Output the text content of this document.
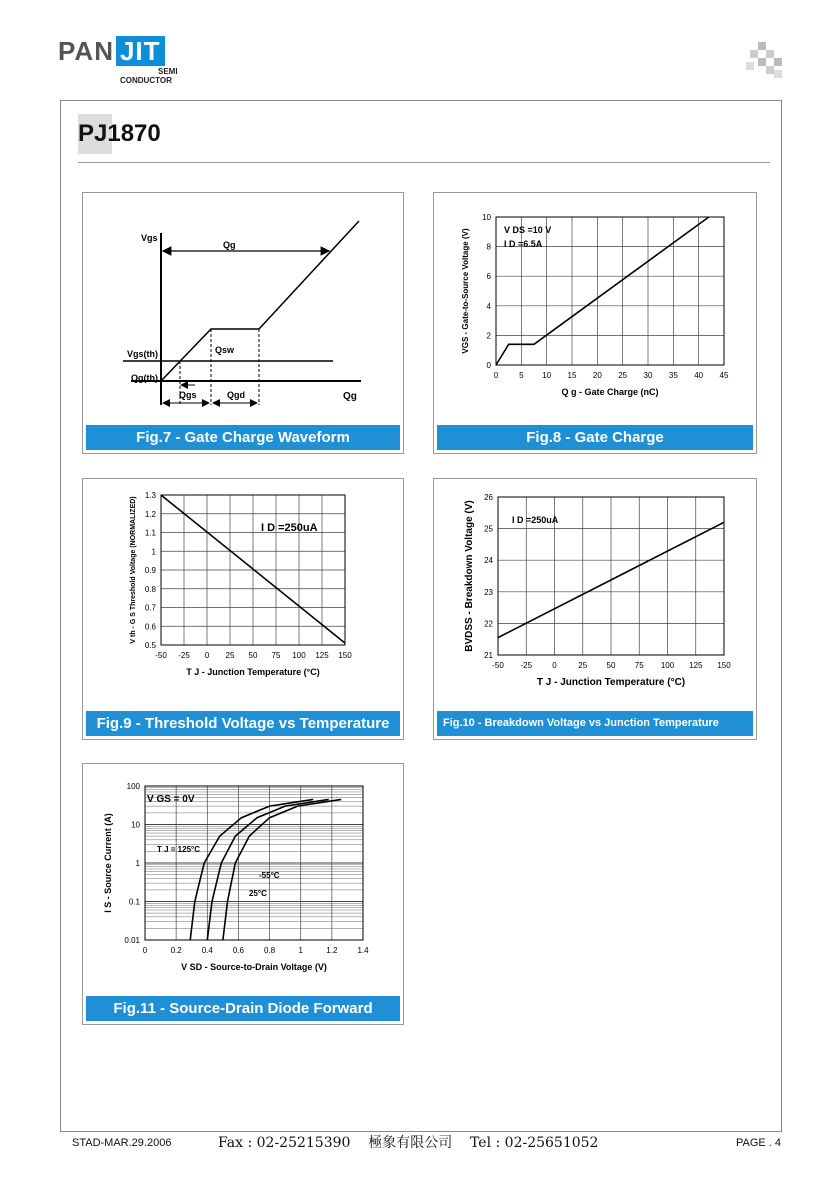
PAN JIT
SEMI
CONDUCTOR
PJ1870
Vgs
Qg
Qsw
Vgs(th)
Qg(th)
Qgs	Qgd	Qg
Fig.7 - Gate Charge Waveform
0	5 10 15 20 25 30 35 40 45
0
2
4
6
8
10
Q g - Gate Charge (nC)
VGS - Gate-to-Source Voltage (V)	V DS =10 V
I D =6.5A
Fig.8 - Gate Charge
-50 -25 0 25 50 75 100 125 150
0.5
0.6
0.7
0.8
0.9
1
1.1
1.2
1.3
T J - Junction Temperature (°C)
V th - G S Threshold Voltage (NORMALIZED)	I D =250uA
Fig.9 - Threshold Voltage vs Temperature
-50 -25	0	25 50 75 100 125 150
21
22
23
24
25
26
T J - Junction Temperature (°C)
BVDSS - Breakdown Voltage (V)	I D =250uA
Fig.10 - Breakdown Voltage vs Junction Temperature
0	0.2	0.4	0.6	0.8	1	1.2	1.4
0.01
0.1
1
10
100
V SD - Source-to-Drain Voltage (V)
I S - Source Current (A)
V GS = 0V
T J = 125°C
-55°C
25°C
Fig.11 - Source-Drain Diode Forward Voltage
STAD-MAR.29.2006	Fax : 02-25215390    極象有限公司    Tel : 02-25651052	PAGE . 4
